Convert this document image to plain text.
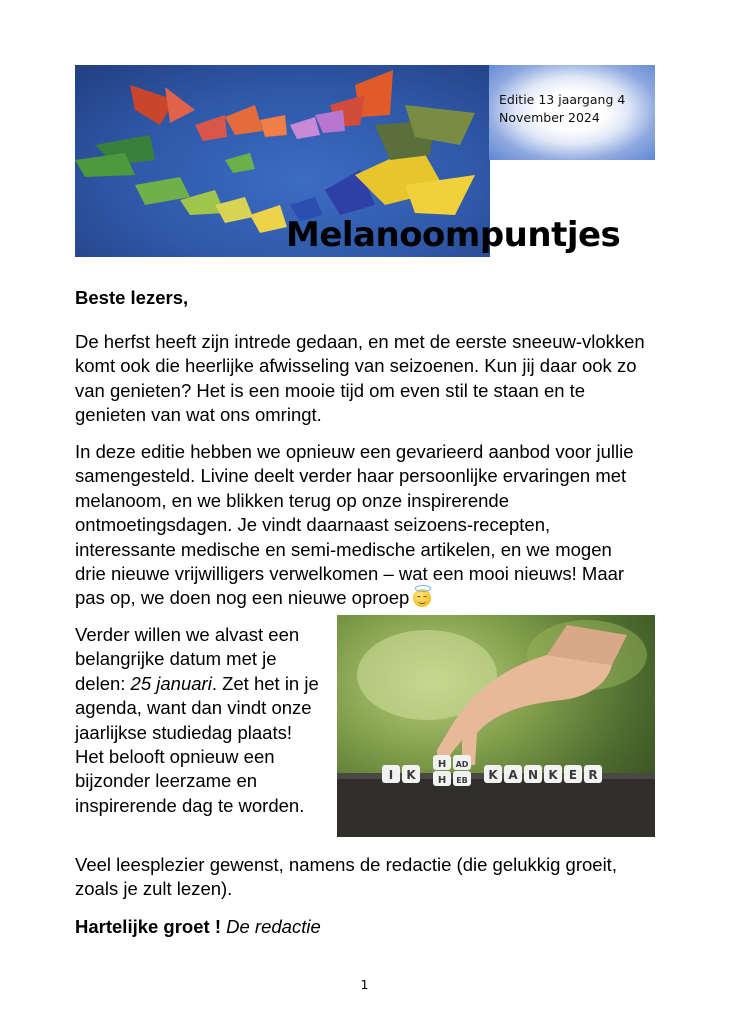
Editie 13 jaargang 4
November 2024
Melanoompuntjes
Beste lezers,
De herfst heeft zijn intrede gedaan, en met de eerste sneeuw-vlokken komt ook die heerlijke afwisseling van seizoenen. Kun jij daar ook zo van genieten? Het is een mooie tijd om even stil te staan en te genieten van wat ons omringt.
In deze editie hebben we opnieuw een gevarieerd aanbod voor jullie samengesteld. Livine deelt verder haar persoonlijke ervaringen met melanoom, en we blikken terug op onze inspirerende ontmoetingsdagen. Je vindt daarnaast seizoens-recepten, interessante medische en semi-medische artikelen, en we mogen drie nieuwe vrijwilligers verwelkomen – wat een mooi nieuws! Maar pas op, we doen nog een nieuwe oproep
Verder willen we alvast een belangrijke datum met je delen: 25 januari. Zet het in je agenda, want dan vindt onze jaarlijkse studiedag plaats! Het belooft opnieuw een bijzonder leerzame en inspirerende dag te worden.
I K
H AD
H EB K A N K E R
Veel leesplezier gewenst, namens de redactie (die gelukkig groeit, zoals je zult lezen).
Hartelijke groet ! De redactie
1
